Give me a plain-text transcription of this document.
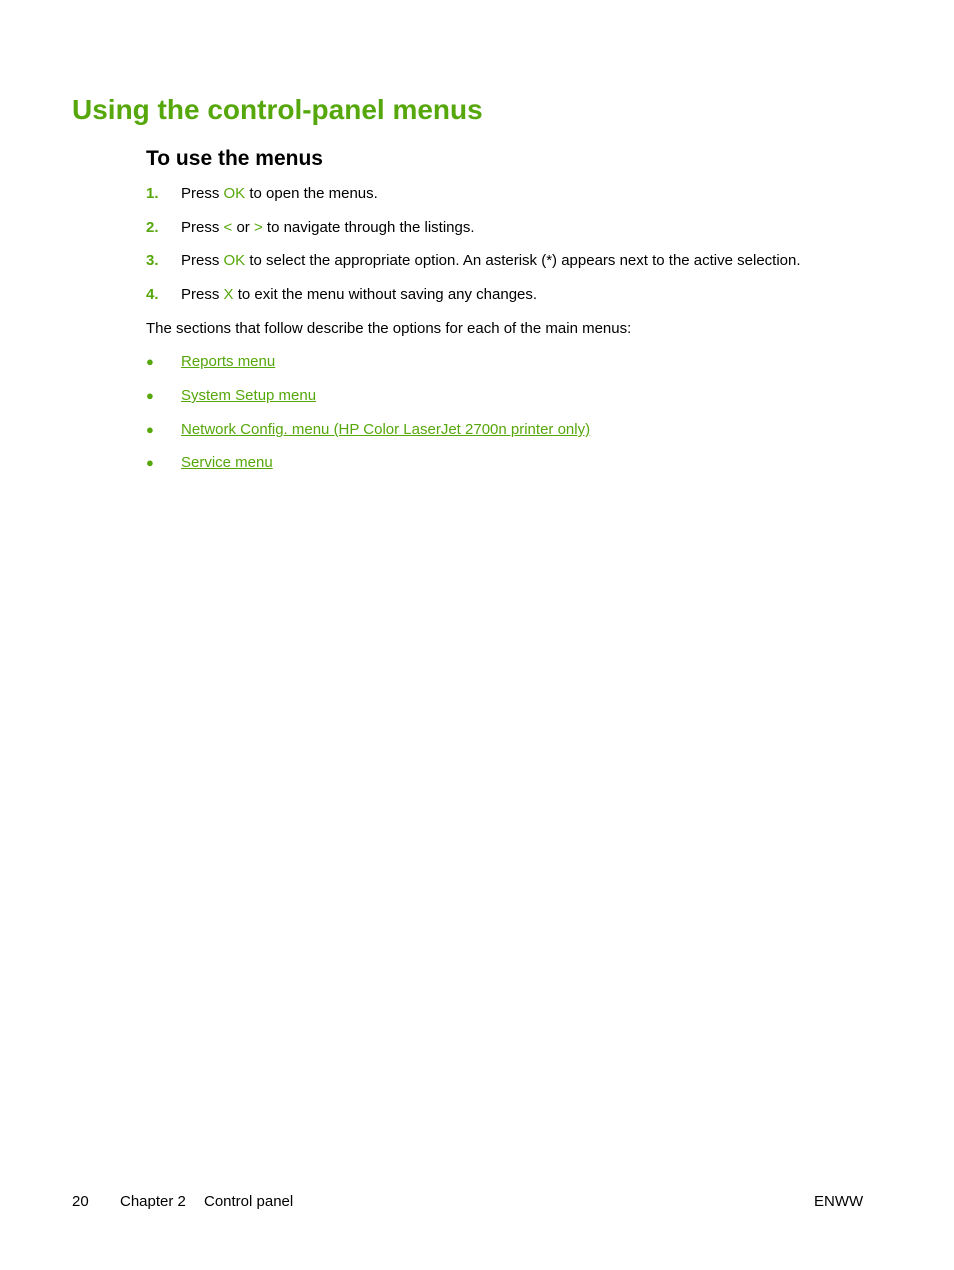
Using the control-panel menus
To use the menus
1. Press OK to open the menus.
2. Press < or > to navigate through the listings.
3. Press OK to select the appropriate option. An asterisk (*) appears next to the active selection.
4. Press X to exit the menu without saving any changes.
The sections that follow describe the options for each of the main menus:
● Reports menu
● System Setup menu
● Network Config. menu (HP Color LaserJet 2700n printer only)
● Service menu
20 Chapter 2 Control panel	ENWW
